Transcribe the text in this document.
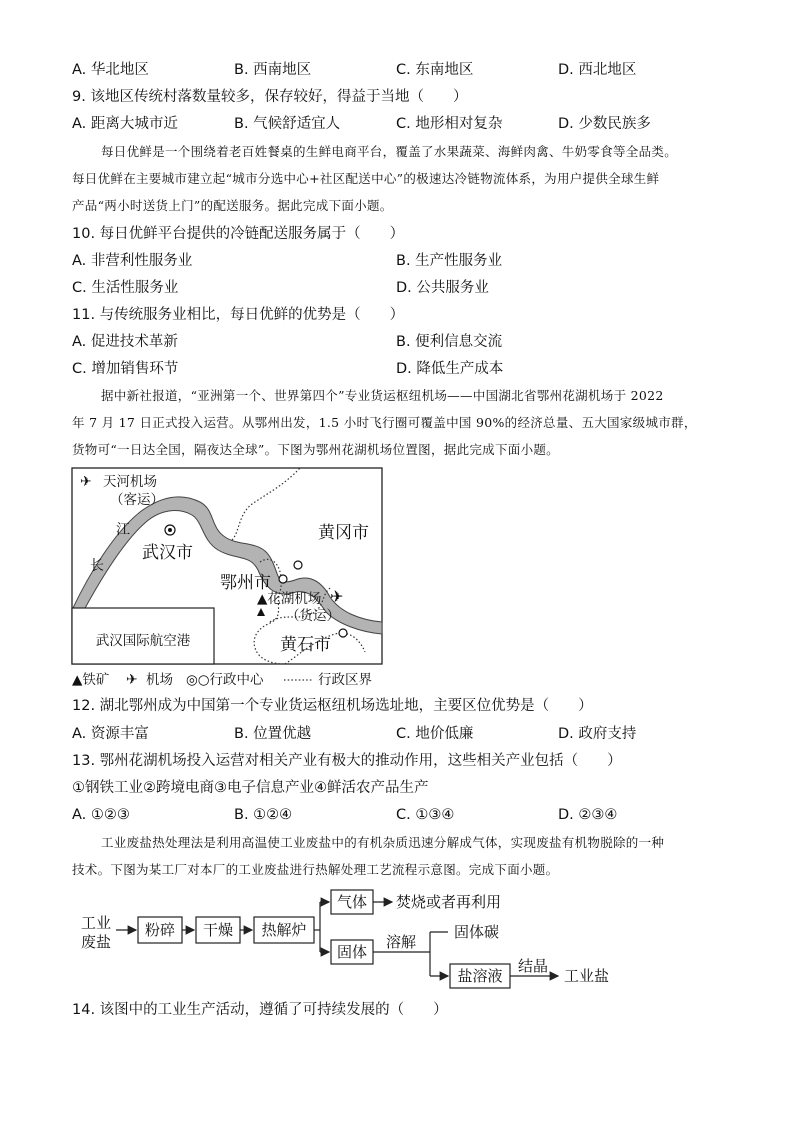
A. 华北地区	B. 西南地区	C. 东南地区	D. 西北地区
9. 该地区传统村落数量较多，保存较好，得益于当地（　　）
A. 距离大城市近	B. 气候舒适宜人	C. 地形相对复杂	D. 少数民族多
每日优鲜是一个围绕着老百姓餐桌的生鲜电商平台，覆盖了水果蔬菜、海鲜肉禽、牛奶零食等全品类。
每日优鲜在主要城市建立起“城市分选中心+社区配送中心”的极速达冷链物流体系，为用户提供全球生鲜
产品“两小时送货上门”的配送服务。据此完成下面小题。
10. 每日优鲜平台提供的冷链配送服务属于（　　）
A. 非营利性服务业	B. 生产性服务业
C. 生活性服务业	D. 公共服务业
11. 与传统服务业相比，每日优鲜的优势是（　　）
A. 促进技术革新	B. 便利信息交流
C. 增加销售环节	D. 降低生产成本
据中新社报道，“亚洲第一个、世界第四个”专业货运枢纽机场——中国湖北省鄂州花湖机场于 2022
年 7 月 17 日正式投入运营。从鄂州出发，1.5 小时飞行圈可覆盖中国 90%的经济总量、五大国家级城市群，
货物可“一日达全国，隔夜达全球”。下图为鄂州花湖机场位置图，据此完成下面小题。
武汉国际航空港
✈ 天河机场
（客运）
江
长
武汉市
黄冈市
鄂州市
▲花湖机场
（货运）
✈
黄石市
▲铁矿 ✈ 机场 ◎○行政中心	行政区界
12. 湖北鄂州成为中国第一个专业货运枢纽机场选址地，主要区位优势是（　　）
A. 资源丰富	B. 位置优越	C. 地价低廉	D. 政府支持
13. 鄂州花湖机场投入运营对相关产业有极大的推动作用，这些相关产业包括（　　）
①钢铁工业②跨境电商③电子信息产业④鲜活农产品生产
A. ①②③	B. ①②④	C. ①③④	D. ②③④
工业废盐热处理法是利用高温使工业废盐中的有机杂质迅速分解成气体，实现废盐有机物脱除的一种
技术。下图为某工厂对本厂的工业废盐进行热解处理工艺流程示意图。完成下面小题。
工业
废盐
粉碎 干燥 热解炉
气体 焚烧或者再利用
固体
溶解
固体碳
盐溶液
结晶
工业盐
14. 该图中的工业生产活动，遵循了可持续发展的（　　）
